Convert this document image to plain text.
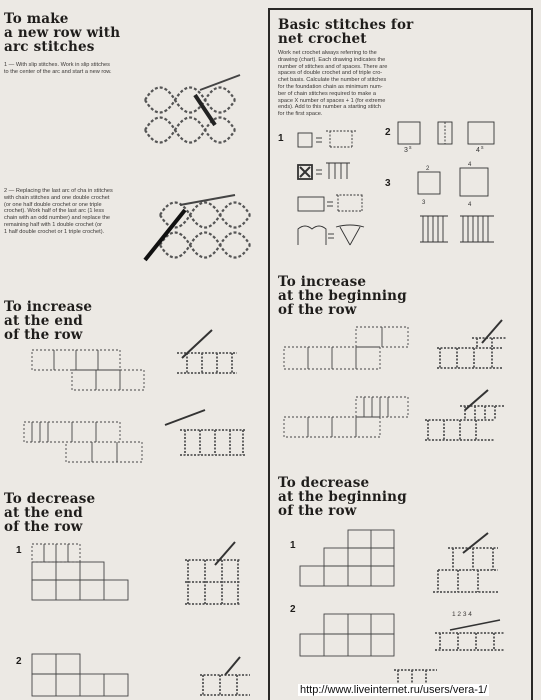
To make
a new row with
arc stitches
1 — With slip stitches. Work in slip stitches
to the center of the arc and start a new row.
2 — Replacing the last arc of cha in stitches
with chain stitches and one double crochet
(or one half double crochet or one triple
crochet). Work half of the last arc (1 less
chain with an odd number) and replace the
remaining half with 1 double crochet (or
1 half double crochet or 1 triple crochet).
To increase
at the end
of the row
To decrease
at the end
of the row
1
2
Basic stitches for
net crochet
Work net crochet always referring to the
drawing (chart). Each drawing indicates the
number of stitches and of spaces. There are
spaces of double crochet and of triple cro-
chet basis. Calculate the number of stitches
for the foundation chain as minimum num-
ber of chain stitches required to make a
space X number of spaces + 1 (for extreme
ends). Add to this number a starting stitch
for the first space.
1
2
3 s	4 s
3
2
3
4
4
To increase
at the beginning
of the row
To decrease
at the beginning
of the row
1
2	1 2 3 4
http://www.liveinternet.ru/users/vera-1/
